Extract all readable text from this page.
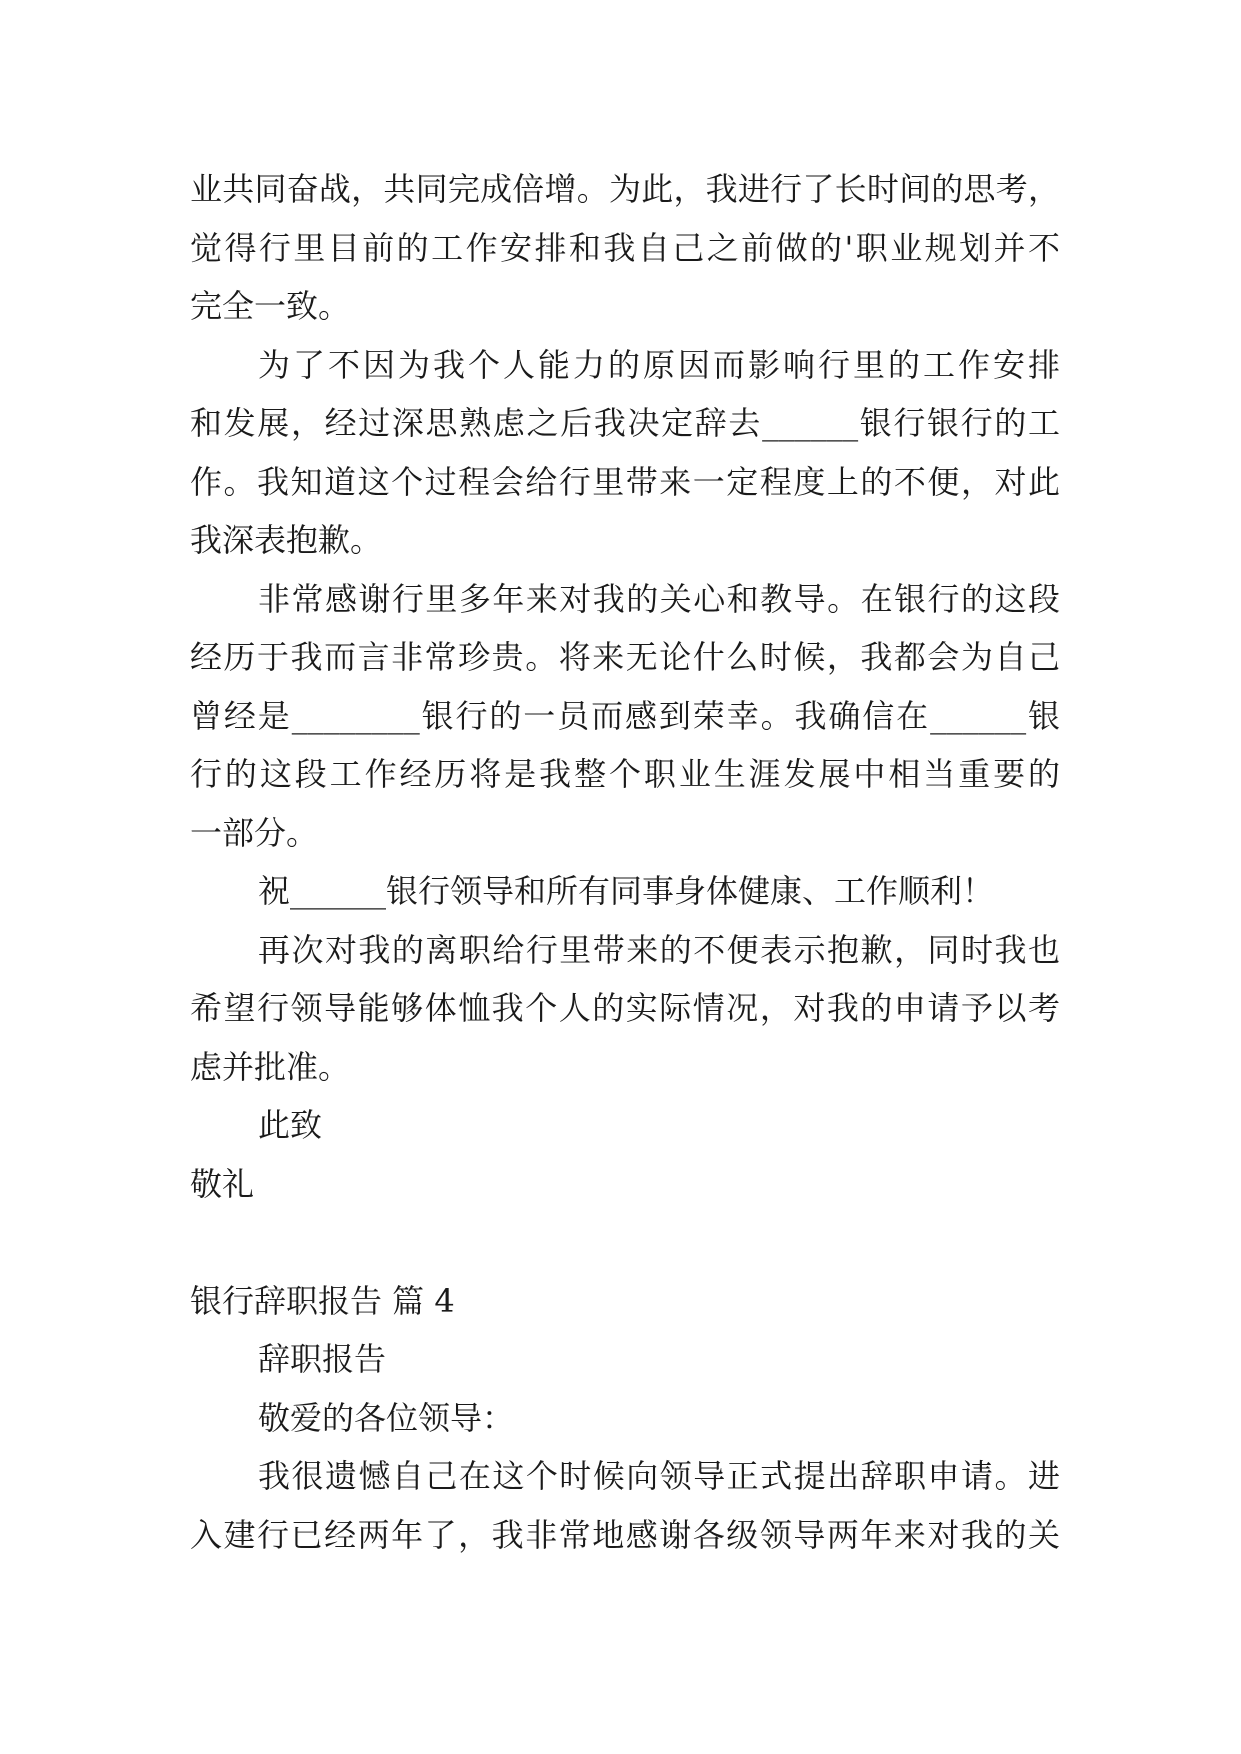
业共同奋战，共同完成倍增。为此，我进行了长时间的思考，
觉得行里目前的工作安排和我自己之前做的'职业规划并不
完全一致。
为了不因为我个人能力的原因而影响行里的工作安排
和发展，经过深思熟虑之后我决定辞去______银行银行的工
作。我知道这个过程会给行里带来一定程度上的不便，对此
我深表抱歉。
非常感谢行里多年来对我的关心和教导。在银行的这段
经历于我而言非常珍贵。将来无论什么时候，我都会为自己
曾经是________银行的一员而感到荣幸。我确信在______银
行的这段工作经历将是我整个职业生涯发展中相当重要的
一部分。
祝______银行领导和所有同事身体健康、工作顺利！
再次对我的离职给行里带来的不便表示抱歉，同时我也
希望行领导能够体恤我个人的实际情况，对我的申请予以考
虑并批准。
此致
敬礼
银行辞职报告 篇 4
辞职报告
敬爱的各位领导：
我很遗憾自己在这个时候向领导正式提出辞职申请。进
入建行已经两年了，我非常地感谢各级领导两年来对我的关
